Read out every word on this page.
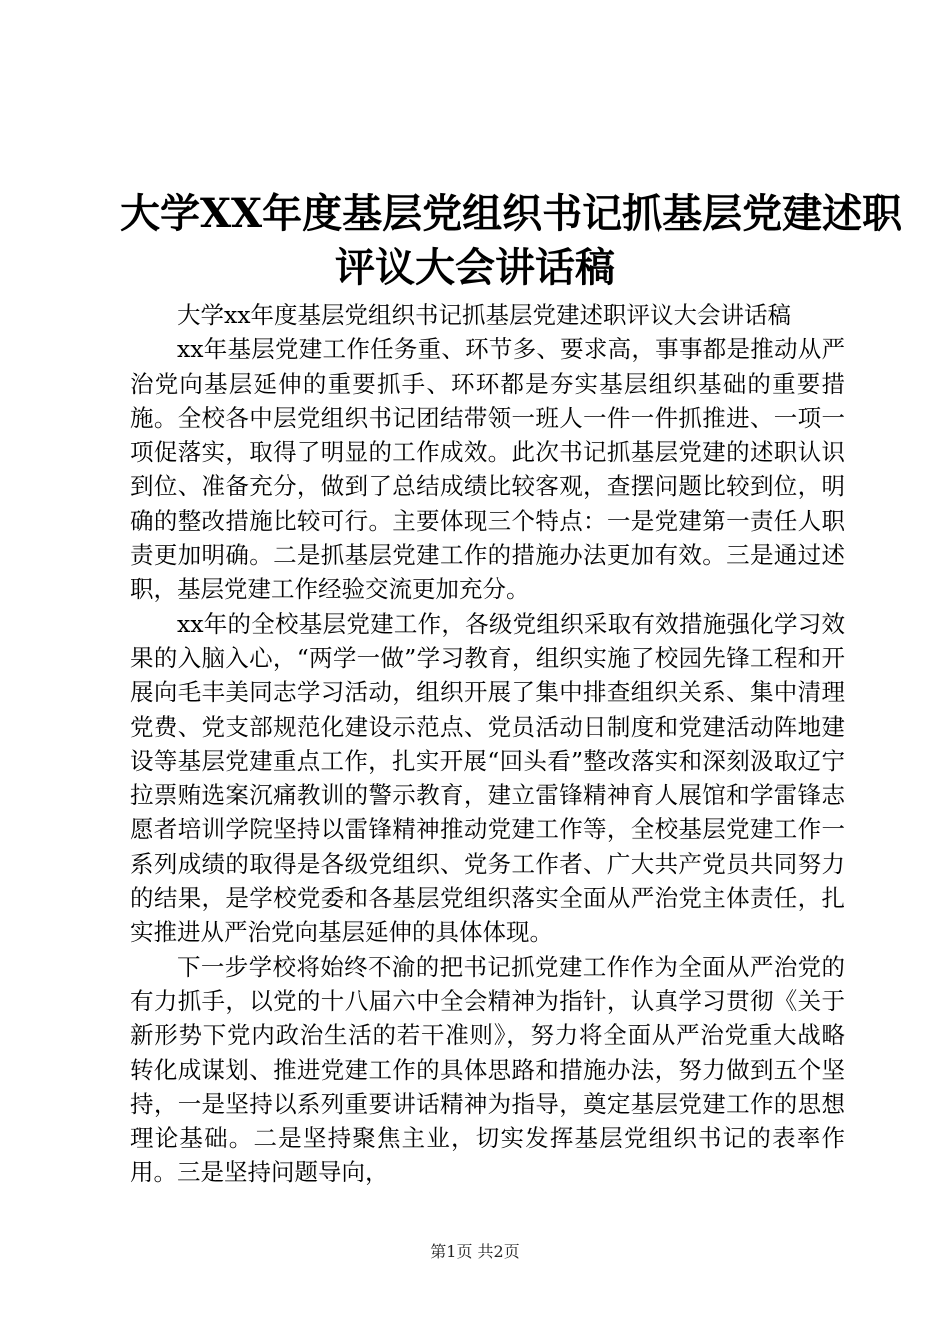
大学XX年度基层党组织书记抓基层党建述职
评议大会讲话稿

大学xx年度基层党组织书记抓基层党建述职评议大会讲话稿

xx年基层党建工作任务重、环节多、要求高，事事都是推动从严治党向基层延伸的重要抓手、环环都是夯实基层组织基础的重要措施。全校各中层党组织书记团结带领一班人一件一件抓推进、一项一项促落实，取得了明显的工作成效。此次书记抓基层党建的述职认识到位、准备充分，做到了总结成绩比较客观，查摆问题比较到位，明确的整改措施比较可行。主要体现三个特点：一是党建第一责任人职责更加明确。二是抓基层党建工作的措施办法更加有效。三是通过述职，基层党建工作经验交流更加充分。

xx年的全校基层党建工作，各级党组织采取有效措施强化学习效果的入脑入心，“两学一做”学习教育，组织实施了校园先锋工程和开展向毛丰美同志学习活动，组织开展了集中排查组织关系、集中清理党费、党支部规范化建设示范点、党员活动日制度和党建活动阵地建设等基层党建重点工作，扎实开展“回头看”整改落实和深刻汲取辽宁拉票贿选案沉痛教训的警示教育，建立雷锋精神育人展馆和学雷锋志愿者培训学院坚持以雷锋精神推动党建工作等，全校基层党建工作一系列成绩的取得是各级党组织、党务工作者、广大共产党员共同努力的结果，是学校党委和各基层党组织落实全面从严治党主体责任，扎实推进从严治党向基层延伸的具体体现。

下一步学校将始终不渝的把书记抓党建工作作为全面从严治党的有力抓手，以党的十八届六中全会精神为指针，认真学习贯彻《关于新形势下党内政治生活的若干准则》，努力将全面从严治党重大战略转化成谋划、推进党建工作的具体思路和措施办法，努力做到五个坚持，一是坚持以系列重要讲话精神为指导，奠定基层党建工作的思想理论基础。二是坚持聚焦主业，切实发挥基层党组织书记的表率作用。三是坚持问题导向，

第1页 共2页
